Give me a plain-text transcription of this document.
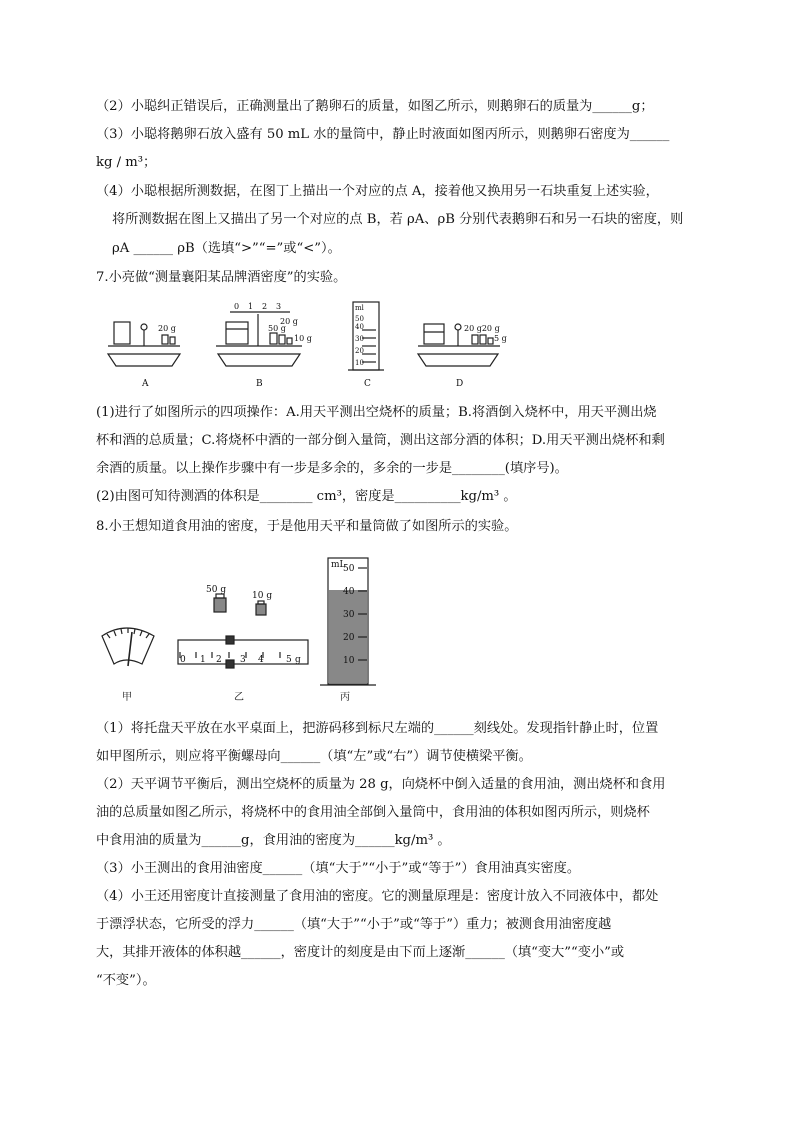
（2）小聪纠正错误后，正确测量出了鹅卵石的质量，如图乙所示，则鹅卵石的质量为______g；
（3）小聪将鹅卵石放入盛有 50 mL 水的量筒中，静止时液面如图丙所示，则鹅卵石密度为______
kg / m³；
（4）小聪根据所测数据，在图丁上描出一个对应的点 A，接着他又换用另一石块重复上述实验，
将所测数据在图上又描出了另一个对应的点 B，若 ρA、ρB 分别代表鹅卵石和另一石块的密度，则
ρA ______ ρB（选填“>”“=”或“<”）。
7.小亮做“测量襄阳某品牌酒密度”的实验。
20 g
0 1 2 3
50 g
20 g
10 g
ml
50
40
30
20
10
20 g20 g
5 g
A	B	C	D
(1)进行了如图所示的四项操作：A.用天平测出空烧杯的质量；B.将酒倒入烧杯中，用天平测出烧
杯和酒的总质量；C.将烧杯中酒的一部分倒入量筒，测出这部分酒的体积；D.用天平测出烧杯和剩
余酒的质量。以上操作步骤中有一步是多余的，多余的一步是________(填序号)。
(2)由图可知待测酒的体积是________ cm³，密度是__________kg/m³ 。
8.小王想知道食用油的密度，于是他用天平和量筒做了如图所示的实验。
50 g
10 g
0 1 2 3 4 5 g
mL
50
40
30
20
10
甲	乙	丙
（1）将托盘天平放在水平桌面上，把游码移到标尺左端的______刻线处。发现指针静止时，位置
如甲图所示，则应将平衡螺母向______（填“左”或“右”）调节使横梁平衡。
（2）天平调节平衡后，测出空烧杯的质量为 28 g，向烧杯中倒入适量的食用油，测出烧杯和食用
油的总质量如图乙所示，将烧杯中的食用油全部倒入量筒中，食用油的体积如图丙所示，则烧杯
中食用油的质量为______g，食用油的密度为______kg/m³ 。
（3）小王测出的食用油密度______（填“大于”“小于”或“等于”）食用油真实密度。
（4）小王还用密度计直接测量了食用油的密度。它的测量原理是：密度计放入不同液体中，都处
于漂浮状态，它所受的浮力______（填“大于”“小于”或“等于”）重力；被测食用油密度越
大，其排开液体的体积越______，密度计的刻度是由下而上逐渐______（填“变大”“变小”或
“不变”）。
